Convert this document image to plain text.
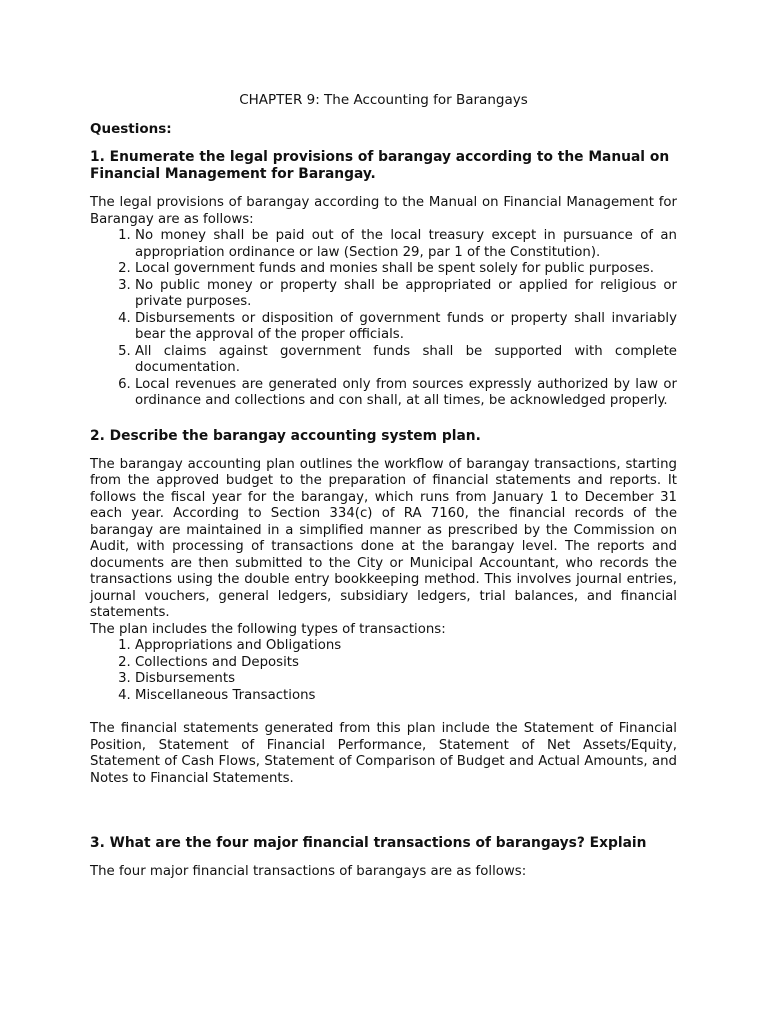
CHAPTER 9: The Accounting for Barangays
Questions:
1. Enumerate the legal provisions of barangay according to the Manual on Financial Management for Barangay.

The legal provisions of barangay according to the Manual on Financial Management for Barangay are as follows:

1. No money shall be paid out of the local treasury except in pursuance of an appropriation ordinance or law (Section 29, par 1 of the Constitution).
2. Local government funds and monies shall be spent solely for public purposes.
3. No public money or property shall be appropriated or applied for religious or private purposes.
4. Disbursements or disposition of government funds or property shall invariably bear the approval of the proper officials.
5. All claims against government funds shall be supported with complete documentation.
6. Local revenues are generated only from sources expressly authorized by law or ordinance and collections and con shall, at all times, be acknowledged properly.
2. Describe the barangay accounting system plan.

The barangay accounting plan outlines the workflow of barangay transactions, starting from the approved budget to the preparation of financial statements and reports. It follows the fiscal year for the barangay, which runs from January 1 to December 31 each year. According to Section 334(c) of RA 7160, the financial records of the barangay are maintained in a simplified manner as prescribed by the Commission on Audit, with processing of transactions done at the barangay level. The reports and documents are then submitted to the City or Municipal Accountant, who records the transactions using the double entry bookkeeping method. This involves journal entries, journal vouchers, general ledgers, subsidiary ledgers, trial balances, and financial statements.

The plan includes the following types of transactions:

1. Appropriations and Obligations
2. Collections and Deposits
3. Disbursements
4. Miscellaneous Transactions

The financial statements generated from this plan include the Statement of Financial Position, Statement of Financial Performance, Statement of Net Assets/Equity, Statement of Cash Flows, Statement of Comparison of Budget and Actual Amounts, and Notes to Financial Statements.

3. What are the four major financial transactions of barangays? Explain

The four major financial transactions of barangays are as follows:
